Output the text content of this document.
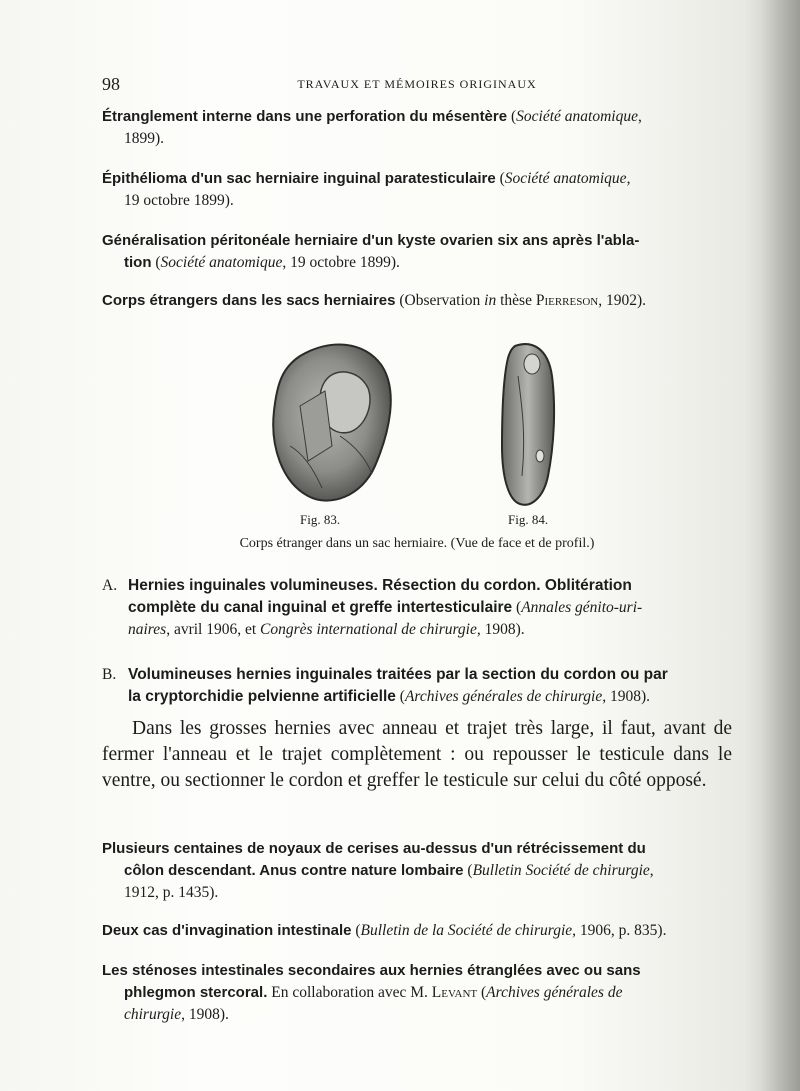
98	TRAVAUX ET MÉMOIRES ORIGINAUX
Étranglement interne dans une perforation du mésentère (Société anatomique,
1899).
Épithélioma d'un sac herniaire inguinal paratesticulaire (Société anatomique,
19 octobre 1899).
Généralisation péritonéale herniaire d'un kyste ovarien six ans après l'abla-
tion (Société anatomique, 19 octobre 1899).
Corps étrangers dans les sacs herniaires (Observation in thèse Pierreson, 1902).
Fig. 83.	Fig. 84.
Corps étranger dans un sac herniaire. (Vue de face et de profil.)
A. Hernies inguinales volumineuses. Résection du cordon. Oblitération
complète du canal inguinal et greffe intertesticulaire (Annales génito-uri-
naires, avril 1906, et Congrès international de chirurgie, 1908).
B. Volumineuses hernies inguinales traitées par la section du cordon ou par
la cryptorchidie pelvienne artificielle (Archives générales de chirurgie, 1908).
Dans les grosses hernies avec anneau et trajet très large, il faut, avant de fermer l'anneau et le trajet complètement : ou repousser le testicule dans le ventre, ou sectionner le cordon et greffer le testicule sur celui du côté opposé.
Plusieurs centaines de noyaux de cerises au-dessus d'un rétrécissement du
côlon descendant. Anus contre nature lombaire (Bulletin Société de chirurgie,
1912, p. 1435).
Deux cas d'invagination intestinale (Bulletin de la Société de chirurgie, 1906, p. 835).
Les sténoses intestinales secondaires aux hernies étranglées avec ou sans
phlegmon stercoral. En collaboration avec M. Levant (Archives générales de
chirurgie, 1908).
